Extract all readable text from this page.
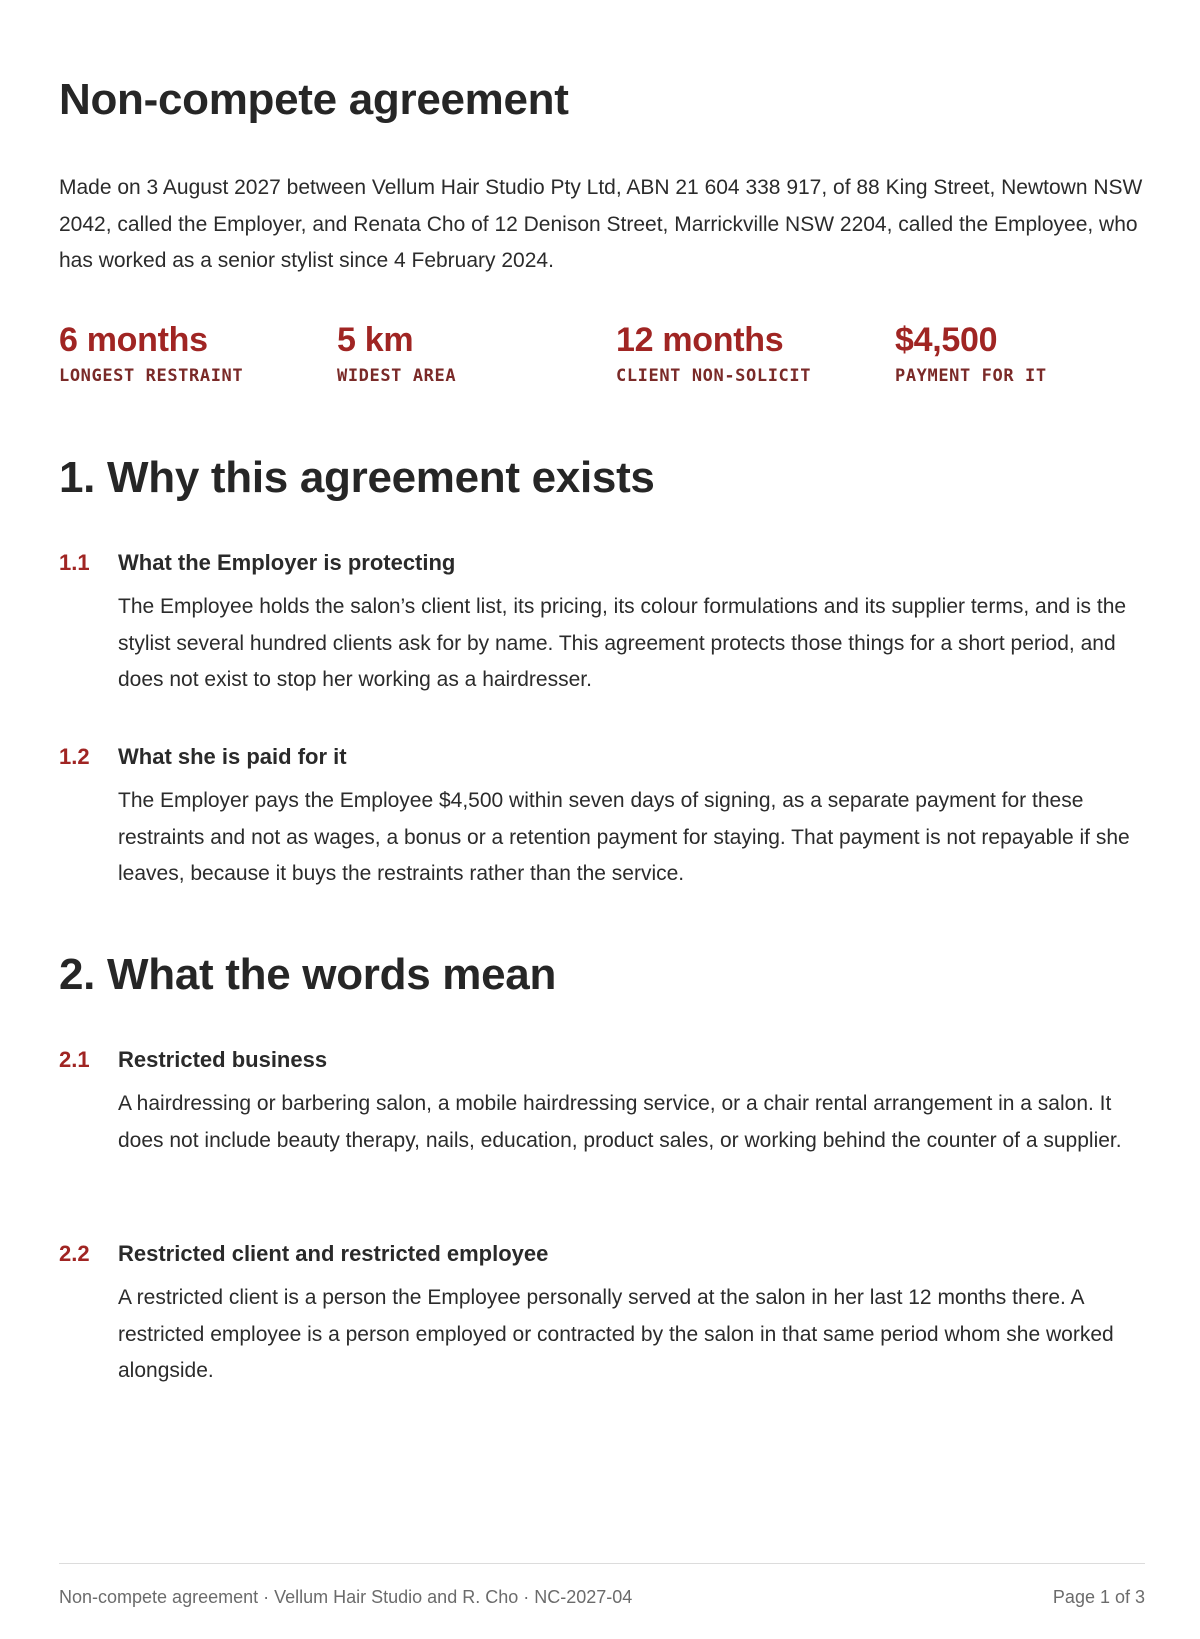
Non-compete agreement

Made on 3 August 2027 between Vellum Hair Studio Pty Ltd, ABN 21 604 338 917, of 88 King Street, Newtown NSW 2042, called the Employer, and Renata Cho of 12 Denison Street, Marrickville NSW 2204, called the Employee, who has worked as a senior stylist since 4 February 2024.

6 months
LONGEST RESTRAINT
5 km
WIDEST AREA
12 months
CLIENT NON-SOLICIT
$4,500
PAYMENT FOR IT
1. Why this agreement exists
1.1 What the Employer is protecting

The Employee holds the salon’s client list, its pricing, its colour formulations and its supplier terms, and is the stylist several hundred clients ask for by name. This agreement protects those things for a short period, and does not exist to stop her working as a hairdresser.

1.2 What she is paid for it

The Employer pays the Employee $4,500 within seven days of signing, as a separate payment for these restraints and not as wages, a bonus or a retention payment for staying. That payment is not repayable if she leaves, because it buys the restraints rather than the service.

2. What the words mean
2.1 Restricted business

A hairdressing or barbering salon, a mobile hairdressing service, or a chair rental arrangement in a salon. It does not include beauty therapy, nails, education, product sales, or working behind the counter of a supplier.

2.2 Restricted client and restricted employee

A restricted client is a person the Employee personally served at the salon in her last 12 months there. A restricted employee is a person employed or contracted by the salon in that same period whom she worked alongside.

Non-compete agreement · Vellum Hair Studio and R. Cho · NC-2027-04	Page 1 of 3
